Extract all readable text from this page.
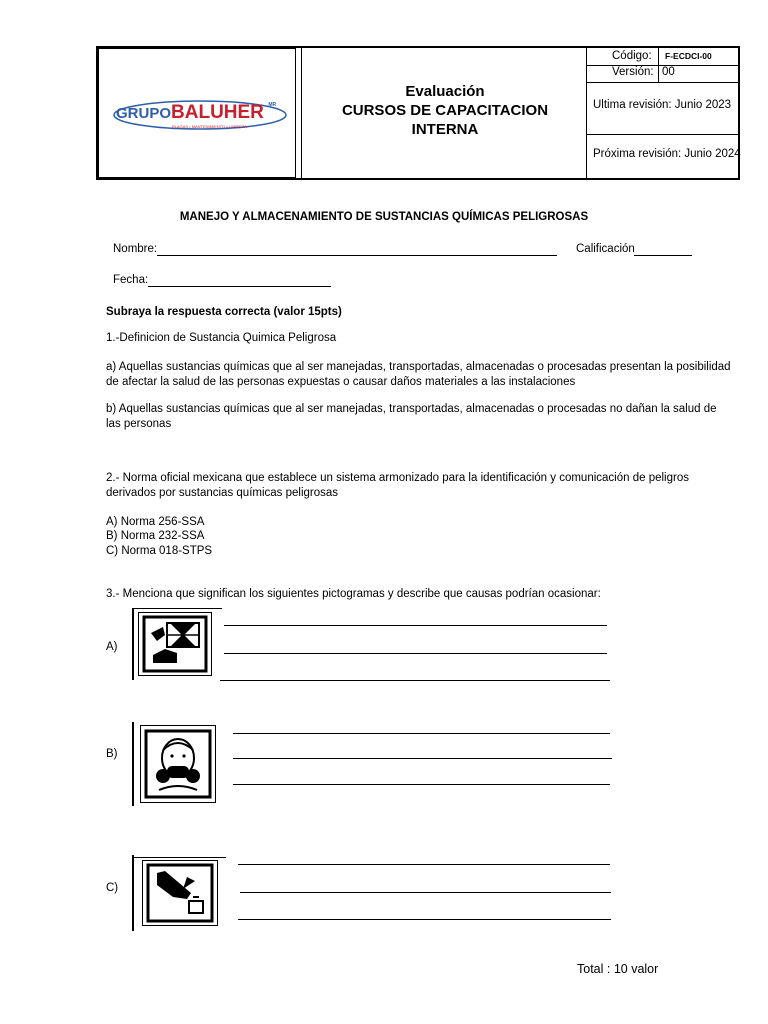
GRUPOBALUHER $^{MR}$
PLAGAS • MANTENIMIENTO • LIMPIEZA
Evaluación
CURSOS DE CAPACITACION
INTERNA
Código: F-ECDCI-00
Versión: 00
Ultima revisión: Junio 2023
Próxima revisión: Junio 2024
MANEJO Y ALMACENAMIENTO DE SUSTANCIAS QUÍMICAS PELIGROSAS
Nombre:	Calificación
Fecha:
Subraya la respuesta correcta (valor 15pts)
1.-Definicion de Sustancia Quimica Peligrosa
a) Aquellas sustancias químicas que al ser manejadas, transportadas, almacenadas o procesadas presentan la posibilidad
de afectar la salud de las personas expuestas o causar daños materiales a las instalaciones
b) Aquellas sustancias químicas que al ser manejadas, transportadas, almacenadas o procesadas no dañan la salud de
las personas
2.- Norma oficial mexicana que establece un sistema armonizado para la identificación y comunicación de peligros
derivados por sustancias químicas peligrosas
A) Norma 256-SSA
B) Norma 232-SSA
C) Norma 018-STPS
3.- Menciona que significan los siguientes pictogramas y describe que causas podrían ocasionar:
A)
B)
C)
Total : 10 valor
